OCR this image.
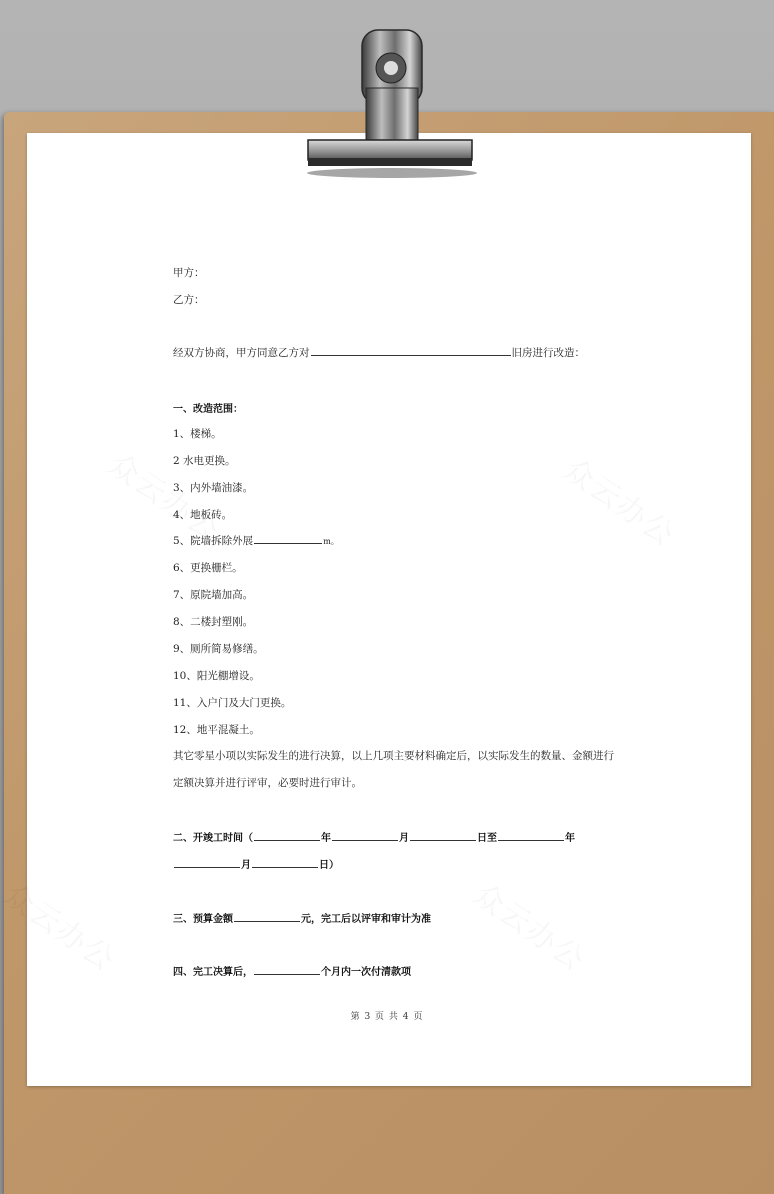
甲方：
乙方：
经双方协商，甲方同意乙方对	旧房进行改造：
一、改造范围：
1、楼梯。
2 水电更换。
3、内外墙油漆。
4、地板砖。
5、院墙拆除外展	m。
6、更换栅栏。
7、原院墙加高。
8、二楼封塑刚。
9、厕所简易修缮。
10、阳光棚增设。
11、入户门及大门更换。
12、地平混凝土。
其它零星小项以实际发生的进行决算，以上几项主要材料确定后，以实际发生的数量、金额进行
定额决算并进行评审，必要时进行审计。
二、开竣工时间（	年	月	日至	年
月	日）
三、预算金额	元，完工后以评审和审计为准
四、完工决算后，	个月内一次付清款项
第 3 页 共 4 页
